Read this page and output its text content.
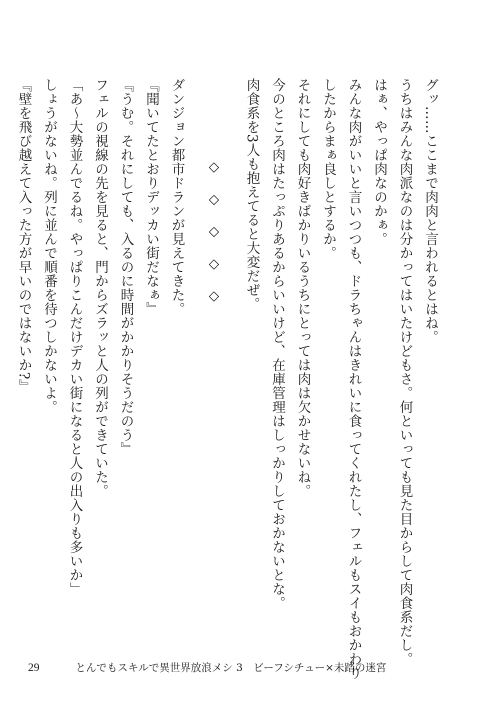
グッ……ここまで肉肉と言われるとはね。
うちはみんな肉派なのは分かってはいたけどもさ。何といっても見た目からして肉食系だし。
はぁ、やっぱ肉なのかぁ。
みんな肉がいいと言いつつも、ドラちゃんはきれいに食ってくれたし、フェルもスイもおかわり
したからまぁ良しとするか。
それにしても肉好きばかりいるうちにとっては肉は欠かせないね。
今のところ肉はたっぷりあるからいいけど、在庫管理はしっかりしておかないとな。
肉食系を3人も抱えてると大変だぜ。
◇ ◇ ◇ ◇ ◇
ダンジョン都市ドランが見えてきた。
『聞いてたとおりデッカい街だなぁ』
『うむ。それにしても、入るのに時間がかかりそうだのう』
フェルの視線の先を見ると、門からズラッと人の列ができていた。
「あ～大勢並んでるね。やっぱりこんだけデカい街になると人の出入りも多いか」
しょうがないね。列に並んで順番を待つしかないよ。
『壁を飛び越えて入った方が早いのではないか?』
29	とんでもスキルで異世界放浪メシ 3　ビーフシチュー×未踏の迷宮
